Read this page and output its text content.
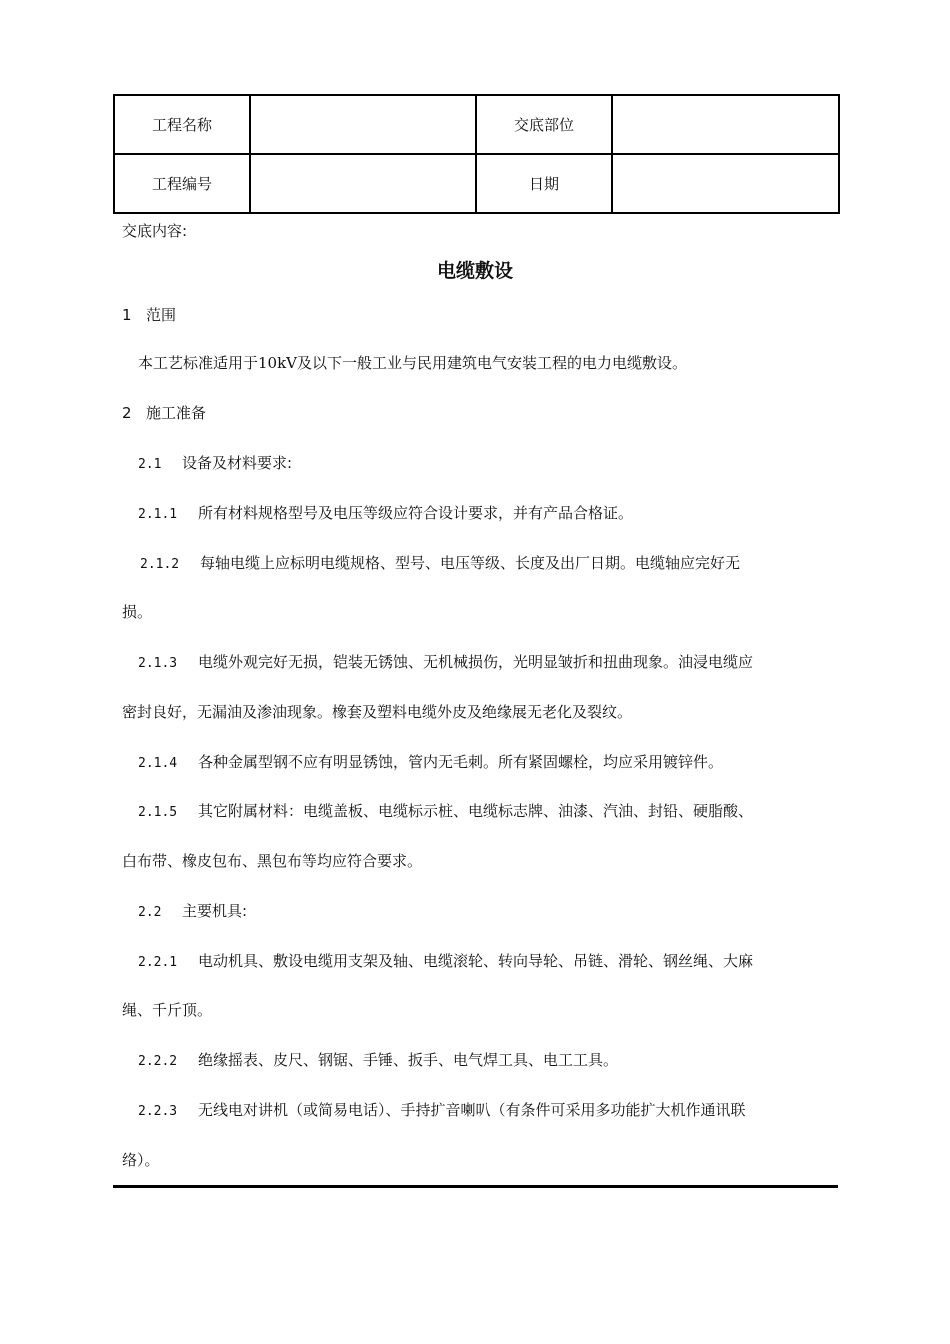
工程名称		交底部位	
工程编号		日期	
交底内容:
电缆敷设
1 范围
本工艺标准适用于10kV及以下一般工业与民用建筑电气安装工程的电力电缆敷设。
2 施工准备
2.1 设备及材料要求:
2.1.1 所有材料规格型号及电压等级应符合设计要求，并有产品合格证。
2.1.2 每轴电缆上应标明电缆规格、型号、电压等级、长度及出厂日期。电缆轴应完好无
损。
2.1.3 电缆外观完好无损，铠装无锈蚀、无机械损伤，光明显皱折和扭曲现象。油浸电缆应
密封良好，无漏油及渗油现象。橡套及塑料电缆外皮及绝缘展无老化及裂纹。
2.1.4 各种金属型钢不应有明显锈蚀，管内无毛刺。所有紧固螺栓，均应采用镀锌件。
2.1.5 其它附属材料：电缆盖板、电缆标示桩、电缆标志牌、油漆、汽油、封铅、硬脂酸、
白布带、橡皮包布、黑包布等均应符合要求。
2.2 主要机具:
2.2.1 电动机具、敷设电缆用支架及轴、电缆滚轮、转向导轮、吊链、滑轮、钢丝绳、大麻
绳、千斤顶。
2.2.2 绝缘摇表、皮尺、钢锯、手锤、扳手、电气焊工具、电工工具。
2.2.3 无线电对讲机（或简易电话）、手持扩音喇叭（有条件可采用多功能扩大机作通讯联
络）。
